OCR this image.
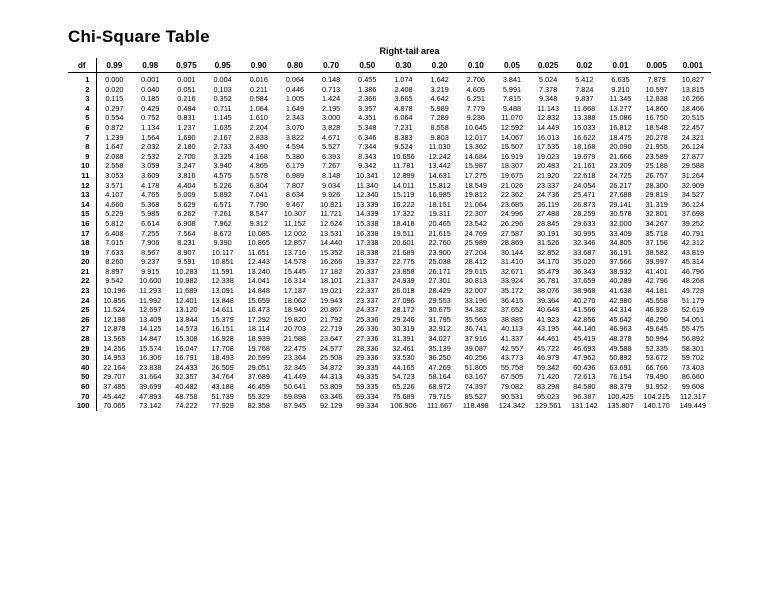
Chi-Square Table

Right-tail area

df	0.99	0.98	0.975	0.95	0.90	0.80	0.70	0.50	0.30	0.20	0.10	0.05	0.025	0.02	0.01	0.005	0.001
1	0.000	0.001	0.001	0.004	0.016	0.064	0.148	0.455	1.074	1.642	2.706	3.841	5.024	5.412	6.635	7.879	10.827
2	0.020	0.040	0.051	0.103	0.211	0.446	0.713	1.386	2.408	3.219	4.605	5.991	7.378	7.824	9.210	10.597	13.815
3	0.115	0.185	0.216	0.352	0.584	1.005	1.424	2.366	3.665	4.642	6.251	7.815	9.348	9.837	11.345	12.838	16.266
4	0.297	0.429	0.484	0.711	1.064	1.649	2.195	3.357	4.878	5.989	7.779	9.488	11.143	11.668	13.277	14.860	18.466
5	0.554	0.752	0.831	1.145	1.610	2.343	3.000	4.351	6.064	7.289	9.236	11.070	12.832	13.388	15.086	16.750	20.515
6	0.872	1.134	1.237	1.635	2.204	3.070	3.828	5.348	7.231	8.558	10.645	12.592	14.449	15.033	16.812	18.548	22.457
7	1.239	1.564	1.690	2.167	2.833	3.822	4.671	6.346	8.383	9.803	12.017	14.067	16.013	16.622	18.475	20.278	24.321
8	1.647	2.032	2.180	2.733	3.490	4.594	5.527	7.344	9.524	11.030	13.362	15.507	17.535	18.168	20.090	21.955	26.124
9	2.088	2.532	2.700	3.325	4.168	5.380	6.393	8.343	10.656	12.242	14.684	16.919	19.023	19.679	21.666	23.589	27.877
10	2.558	3.059	3.247	3.940	4.865	6.179	7.267	9.342	11.781	13.442	15.987	18.307	20.483	21.161	23.209	25.188	29.588
11	3.053	3.609	3.816	4.575	5.578	6.989	8.148	10.341	12.899	14.631	17.275	19.675	21.920	22.618	24.725	26.757	31.264
12	3.571	4.178	4.404	5.226	6.304	7.807	9.034	11.340	14.011	15.812	18.549	21.026	23.337	24.054	26.217	28.300	32.909
13	4.107	4.765	5.009	5.892	7.041	8.634	9.926	12.340	15.119	16.985	19.812	22.362	24.736	25.471	27.688	29.819	34.527
14	4.660	5.368	5.629	6.571	7.790	9.467	10.821	13.339	16.222	18.151	21.064	23.685	26.119	26.873	29.141	31.319	36.124
15	5.229	5.985	6.262	7.261	8.547	10.307	11.721	14.339	17.322	19.311	22.307	24.996	27.488	28.259	30.578	32.801	37.698
16	5.812	6.614	6.908	7.962	9.312	11.152	12.624	15.338	18.418	20.465	23.542	26.296	28.845	29.633	32.000	34.267	39.252
17	6.408	7.255	7.564	8.672	10.085	12.002	13.531	16.338	19.511	21.615	24.769	27.587	30.191	30.995	33.409	35.718	40.791
18	7.015	7.906	8.231	9.390	10.865	12.857	14.440	17.338	20.601	22.760	25.989	28.869	31.526	32.346	34.805	37.156	42.312
19	7.633	8.567	8.907	10.117	11.651	13.716	15.352	18.338	21.689	23.900	27.204	30.144	32.852	33.687	36.191	38.582	43.819
20	8.260	9.237	9.591	10.851	12.443	14.578	16.266	19.337	22.775	25.038	28.412	31.410	34.170	35.020	37.566	39.997	45.314
21	8.897	9.915	10.283	11.591	13.240	15.445	17.182	20.337	23.858	26.171	29.615	32.671	35.479	36.343	38.932	41.401	46.796
22	9.542	10.600	10.982	12.338	14.041	16.314	18.101	21.337	24.939	27.301	30.813	33.924	36.781	37.659	40.289	42.796	48.268
23	10.196	11.293	11.689	13.091	14.848	17.187	19.021	22.337	26.018	28.429	32.007	35.172	38.076	38.968	41.638	44.181	49.728
24	10.856	11.992	12.401	13.848	15.659	18.062	19.943	23.337	27.096	29.553	33.196	36.415	39.364	40.270	42.980	45.558	51.179
25	11.524	12.697	13.120	14.611	16.473	18.940	20.867	24.337	28.172	30.675	34.382	37.652	40.646	41.566	44.314	46.928	52.619
26	12.198	13.409	13.844	15.379	17.292	19.820	21.792	25.336	29.246	31.795	35.563	38.885	41.923	42.856	45.642	48.290	54.051
27	12.878	14.125	14.573	16.151	18.114	20.703	22.719	26.336	30.319	32.912	36.741	40.113	43.195	44.140	46.963	49.645	55.475
28	13.565	14.847	15.308	16.928	18.939	21.588	23.647	27.336	31.391	34.027	37.916	41.337	44.461	45.419	48.278	50.994	56.892
29	14.256	15.574	16.047	17.708	19.768	22.475	24.577	28.336	32.461	35.139	39.087	42.557	45.722	46.693	49.588	52.335	58.301
30	14.953	16.306	16.791	18.493	20.599	23.364	25.508	29.336	33.530	36.250	40.256	43.773	46.979	47.962	50.892	53.672	59.702
40	22.164	23.838	24.433	26.509	29.051	32.345	34.872	39.335	44.165	47.269	51.805	55.758	59.342	60.436	63.691	66.766	73.403
50	29.707	31.664	32.357	34.764	37.689	41.449	44.313	49.335	54.723	58.164	63.167	67.505	71.420	72.613	76.154	79.490	86.660
60	37.485	39.699	40.482	43.188	46.459	50.641	53.809	59.335	65.226	68.972	74.397	79.082	83.298	84.580	88.379	91.952	99.608
70	45.442	47.893	48.758	51.739	55.329	59.898	63.346	69.334	75.689	79.715	85.527	90.531	95.023	96.387	100.425	104.215	112.317
100	70.065	73.142	74.222	77.929	82.358	87.945	92.129	99.334	106.906	111.667	118.498	124.342	129.561	131.142	135.807	140.170	149.449
